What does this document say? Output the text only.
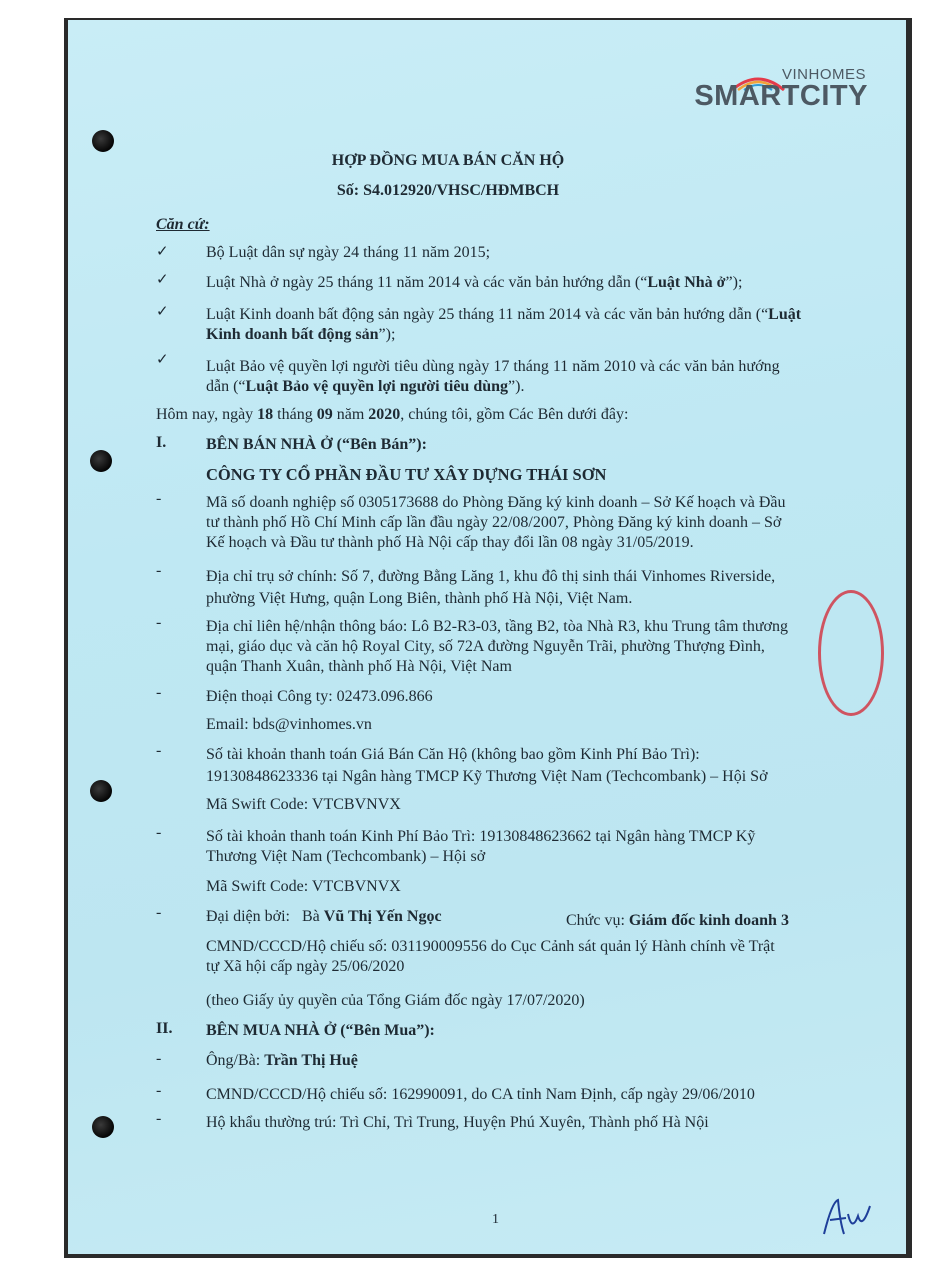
VINHOMES
SMARTCITY
HỢP ĐỒNG MUA BÁN CĂN HỘ
Số: S4.012920/VHSC/HĐMBCH
Căn cứ:
✓ Bộ Luật dân sự ngày 24 tháng 11 năm 2015;
✓ Luật Nhà ở ngày 25 tháng 11 năm 2014 và các văn bản hướng dẫn (“Luật Nhà ở”);
✓ Luật Kinh doanh bất động sản ngày 25 tháng 11 năm 2014 và các văn bản hướng dẫn (“Luật
Kinh doanh bất động sản”);
✓ Luật Bảo vệ quyền lợi người tiêu dùng ngày 17 tháng 11 năm 2010 và các văn bản hướng
dẫn (“Luật Bảo vệ quyền lợi người tiêu dùng”).
Hôm nay, ngày 18 tháng 09 năm 2020, chúng tôi, gồm Các Bên dưới đây:
I. BÊN BÁN NHÀ Ở (“Bên Bán”):
CÔNG TY CỔ PHẦN ĐẦU TƯ XÂY DỰNG THÁI SƠN
-	Mã số doanh nghiệp số 0305173688 do Phòng Đăng ký kinh doanh – Sở Kế hoạch và Đầu
tư thành phố Hồ Chí Minh cấp lần đầu ngày 22/08/2007, Phòng Đăng ký kinh doanh – Sở
Kế hoạch và Đầu tư thành phố Hà Nội cấp thay đổi lần 08 ngày 31/05/2019.
-	Địa chỉ trụ sở chính: Số 7, đường Bằng Lăng 1, khu đô thị sinh thái Vinhomes Riverside,
phường Việt Hưng, quận Long Biên, thành phố Hà Nội, Việt Nam.
-	Địa chỉ liên hệ/nhận thông báo: Lô B2-R3-03, tầng B2, tòa Nhà R3, khu Trung tâm thương
mại, giáo dục và căn hộ Royal City, số 72A đường Nguyễn Trãi, phường Thượng Đình,
quận Thanh Xuân, thành phố Hà Nội, Việt Nam
-	Điện thoại Công ty: 02473.096.866
Email: bds@vinhomes.vn
-	Số tài khoản thanh toán Giá Bán Căn Hộ (không bao gồm Kinh Phí Bảo Trì):
19130848623336 tại Ngân hàng TMCP Kỹ Thương Việt Nam (Techcombank) – Hội Sở
Mã Swift Code: VTCBVNVX
-	Số tài khoản thanh toán Kinh Phí Bảo Trì: 19130848623662 tại Ngân hàng TMCP Kỹ
Thương Việt Nam (Techcombank) – Hội sở
Mã Swift Code: VTCBVNVX
-	Đại diện bởi: Bà Vũ Thị Yến Ngọc	Chức vụ: Giám đốc kinh doanh 3
CMND/CCCD/Hộ chiếu số: 031190009556 do Cục Cảnh sát quản lý Hành chính về Trật
tự Xã hội cấp ngày 25/06/2020
(theo Giấy ủy quyền của Tổng Giám đốc ngày 17/07/2020)
II. BÊN MUA NHÀ Ở (“Bên Mua”):
-	Ông/Bà: Trần Thị Huệ
-	CMND/CCCD/Hộ chiếu số: 162990091, do CA tỉnh Nam Định, cấp ngày 29/06/2010
-	Hộ khẩu thường trú: Trì Chỉ, Trì Trung, Huyện Phú Xuyên, Thành phố Hà Nội
1
